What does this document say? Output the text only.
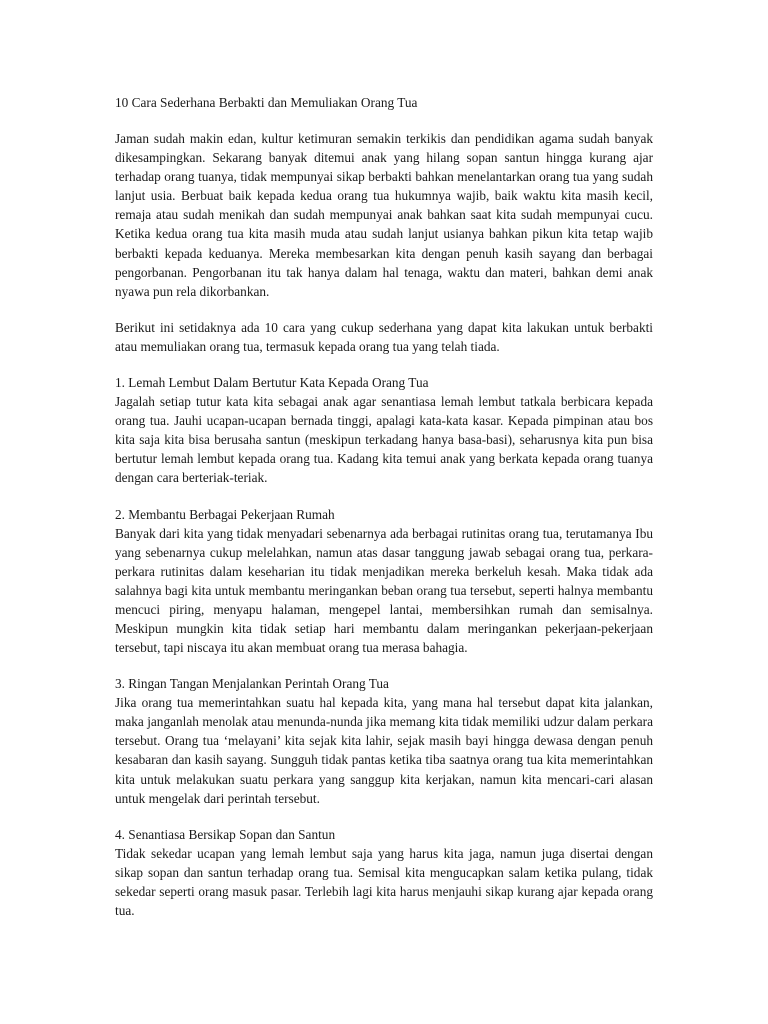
10 Cara Sederhana Berbakti dan Memuliakan Orang Tua

Jaman sudah makin edan, kultur ketimuran semakin terkikis dan pendidikan agama sudah banyak dikesampingkan. Sekarang banyak ditemui anak yang hilang sopan santun hingga kurang ajar terhadap orang tuanya, tidak mempunyai sikap berbakti bahkan menelantarkan orang tua yang sudah lanjut usia. Berbuat baik kepada kedua orang tua hukumnya wajib, baik waktu kita masih kecil, remaja atau sudah menikah dan sudah mempunyai anak bahkan saat kita sudah mempunyai cucu. Ketika kedua orang tua kita masih muda atau sudah lanjut usianya bahkan pikun kita tetap wajib berbakti kepada keduanya. Mereka membesarkan kita dengan penuh kasih sayang dan berbagai pengorbanan. Pengorbanan itu tak hanya dalam hal tenaga, waktu dan materi, bahkan demi anak nyawa pun rela dikorbankan.

Berikut ini setidaknya ada 10 cara yang cukup sederhana yang dapat kita lakukan untuk berbakti atau memuliakan orang tua, termasuk kepada orang tua yang telah tiada.

1. Lemah Lembut Dalam Bertutur Kata Kepada Orang Tua

Jagalah setiap tutur kata kita sebagai anak agar senantiasa lemah lembut tatkala berbicara kepada orang tua. Jauhi ucapan-ucapan bernada tinggi, apalagi kata-kata kasar. Kepada pimpinan atau bos kita saja kita bisa berusaha santun (meskipun terkadang hanya basa-basi), seharusnya kita pun bisa bertutur lemah lembut kepada orang tua. Kadang kita temui anak yang berkata kepada orang tuanya dengan cara berteriak-teriak.

2. Membantu Berbagai Pekerjaan Rumah

Banyak dari kita yang tidak menyadari sebenarnya ada berbagai rutinitas orang tua, terutamanya Ibu yang sebenarnya cukup melelahkan, namun atas dasar tanggung jawab sebagai orang tua, perkara-perkara rutinitas dalam keseharian itu tidak menjadikan mereka berkeluh kesah. Maka tidak ada salahnya bagi kita untuk membantu meringankan beban orang tua tersebut, seperti halnya membantu mencuci piring, menyapu halaman, mengepel lantai, membersihkan rumah dan semisalnya. Meskipun mungkin kita tidak setiap hari membantu dalam meringankan pekerjaan-pekerjaan tersebut, tapi niscaya itu akan membuat orang tua merasa bahagia.

3. Ringan Tangan Menjalankan Perintah Orang Tua

Jika orang tua memerintahkan suatu hal kepada kita, yang mana hal tersebut dapat kita jalankan, maka janganlah menolak atau menunda-nunda jika memang kita tidak memiliki udzur dalam perkara tersebut. Orang tua ‘melayani’ kita sejak kita lahir, sejak masih bayi hingga dewasa dengan penuh kesabaran dan kasih sayang. Sungguh tidak pantas ketika tiba saatnya orang tua kita memerintahkan kita untuk melakukan suatu perkara yang sanggup kita kerjakan, namun kita mencari-cari alasan untuk mengelak dari perintah tersebut.

4. Senantiasa Bersikap Sopan dan Santun

Tidak sekedar ucapan yang lemah lembut saja yang harus kita jaga, namun juga disertai dengan sikap sopan dan santun terhadap orang tua. Semisal kita mengucapkan salam ketika pulang, tidak sekedar seperti orang masuk pasar. Terlebih lagi kita harus menjauhi sikap kurang ajar kepada orang tua.
